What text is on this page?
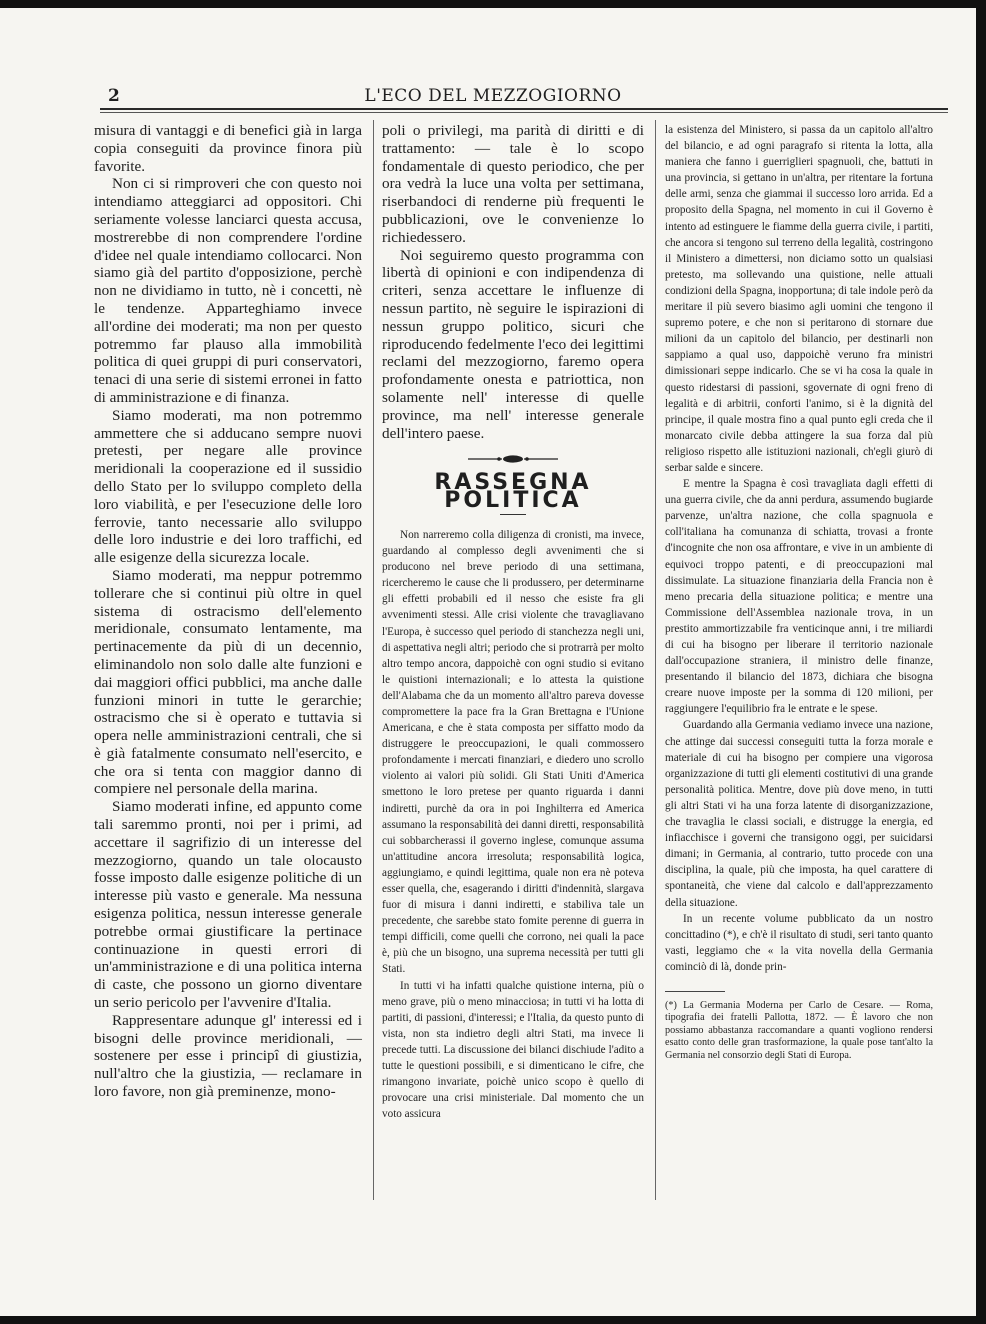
2	L'ECO DEL MEZZOGIORNO

misura di vantaggi e di benefici già in larga copia conseguiti da province finora più favorite.

Non ci si rimproveri che con questo noi intendiamo atteggiarci ad oppositori. Chi seriamente volesse lanciarci questa accusa, mostrerebbe di non comprendere l'ordine d'idee nel quale intendiamo collocarci. Non siamo già del partito d'opposizione, perchè non ne dividiamo in tutto, nè i concetti, nè le tendenze. Apparteghiamo invece all'ordine dei moderati; ma non per questo potremmo far plauso alla immobilità politica di quei gruppi di puri conservatori, tenaci di una serie di sistemi erronei in fatto di amministrazione e di finanza.

Siamo moderati, ma non potremmo ammettere che si adducano sempre nuovi pretesti, per negare alle province meridionali la cooperazione ed il sussidio dello Stato per lo sviluppo completo della loro viabilità, e per l'esecuzione delle loro ferrovie, tanto necessarie allo sviluppo delle loro industrie e dei loro traffichi, ed alle esigenze della sicurezza locale.

Siamo moderati, ma neppur potremmo tollerare che si continui più oltre in quel sistema di ostracismo dell'elemento meridionale, consumato lentamente, ma pertinacemente da più di un decennio, eliminandolo non solo dalle alte funzioni e dai maggiori offici pubblici, ma anche dalle funzioni minori in tutte le gerarchie; ostracismo che si è operato e tuttavia si opera nelle amministrazioni centrali, che si è già fatalmente consumato nell'esercito, e che ora si tenta con maggior danno di compiere nel personale della marina.

Siamo moderati infine, ed appunto come tali saremmo pronti, noi per i primi, ad accettare il sagrifizio di un interesse del mezzogiorno, quando un tale olocausto fosse imposto dalle esigenze politiche di un interesse più vasto e generale. Ma nessuna esigenza politica, nessun interesse generale potrebbe ormai giustificare la pertinace continuazione in questi errori di un'amministrazione e di una politica interna di caste, che possono un giorno diventare un serio pericolo per l'avvenire d'Italia.

Rappresentare adunque gl' interessi ed i bisogni delle province meridionali, — sostenere per esse i principî di giustizia, null'altro che la giustizia, — reclamare in loro favore, non già preminenze, mono-

poli o privilegi, ma parità di diritti e di trattamento: — tale è lo scopo fondamentale di questo periodico, che per ora vedrà la luce una volta per settimana, riserbandoci di renderne più frequenti le pubblicazioni, ove le convenienze lo richiedessero.

Noi seguiremo questo programma con libertà di opinioni e con indipendenza di criteri, senza accettare le influenze di nessun partito, nè seguire le ispirazioni di nessun gruppo politico, sicuri che riproducendo fedelmente l'eco dei legittimi reclami del mezzogiorno, faremo opera profondamente onesta e patriottica, non solamente nell' interesse di quelle province, ma nell' interesse generale dell'intero paese.

RASSEGNA POLITICA

Non narreremo colla diligenza di cronisti, ma invece, guardando al complesso degli avvenimenti che si producono nel breve periodo di una settimana, ricercheremo le cause che li produssero, per determinarne gli effetti probabili ed il nesso che esiste fra gli avvenimenti stessi. Alle crisi violente che travagliavano l'Europa, è successo quel periodo di stanchezza negli uni, di aspettativa negli altri; periodo che si protrarrà per molto altro tempo ancora, dappoichè con ogni studio si evitano le quistioni internazionali; e lo attesta la quistione dell'Alabama che da un momento all'altro pareva dovesse compromettere la pace fra la Gran Brettagna e l'Unione Americana, e che è stata composta per siffatto modo da distruggere le preoccupazioni, le quali commossero profondamente i mercati finanziari, e diedero uno scrollo violento ai valori più solidi. Gli Stati Uniti d'America smettono le loro pretese per quanto riguarda i danni indiretti, purchè da ora in poi Inghilterra ed America assumano la responsabilità dei danni diretti, responsabilità cui sobbarcherassi il governo inglese, comunque assuma un'attitudine ancora irresoluta; responsabilità logica, aggiungiamo, e quindi legittima, quale non era nè poteva esser quella, che, esagerando i diritti d'indennità, slargava fuor di misura i danni indiretti, e stabiliva tale un precedente, che sarebbe stato fomite perenne di guerra in tempi difficili, come quelli che corrono, nei quali la pace è, più che un bisogno, una suprema necessità per tutti gli Stati.

In tutti vi ha infatti qualche quistione interna, più o meno grave, più o meno minacciosa; in tutti vi ha lotta di partiti, di passioni, d'interessi; e l'Italia, da questo punto di vista, non sta indietro degli altri Stati, ma invece li precede tutti. La discussione dei bilanci dischiude l'adito a tutte le questioni possibili, e si dimenticano le cifre, che rimangono invariate, poichè unico scopo è quello di provocare una crisi ministeriale. Dal momento che un voto assicura

la esistenza del Ministero, si passa da un capitolo all'altro del bilancio, e ad ogni paragrafo si ritenta la lotta, alla maniera che fanno i guerriglieri spagnuoli, che, battuti in una provincia, si gettano in un'altra, per ritentare la fortuna delle armi, senza che giammai il successo loro arrida. Ed a proposito della Spagna, nel momento in cui il Governo è intento ad estinguere le fiamme della guerra civile, i partiti, che ancora si tengono sul terreno della legalità, costringono il Ministero a dimettersi, non diciamo sotto un qualsiasi pretesto, ma sollevando una quistione, nelle attuali condizioni della Spagna, inopportuna; di tale indole però da meritare il più severo biasimo agli uomini che tengono il supremo potere, e che non si peritarono di stornare due milioni da un capitolo del bilancio, per destinarli non sappiamo a qual uso, dappoichè veruno fra ministri dimissionari seppe indicarlo. Che se vi ha cosa la quale in questo ridestarsi di passioni, sgovernate di ogni freno di legalità e di arbitrii, conforti l'animo, si è la dignità del principe, il quale mostra fino a qual punto egli creda che il monarcato civile debba attingere la sua forza dal più religioso rispetto alle istituzioni nazionali, ch'egli giurò di serbar salde e sincere.

E mentre la Spagna è così travagliata dagli effetti di una guerra civile, che da anni perdura, assumendo bugiarde parvenze, un'altra nazione, che colla spagnuola e coll'italiana ha comunanza di schiatta, trovasi a fronte d'incognite che non osa affrontare, e vive in un ambiente di equivoci troppo patenti, e di preoccupazioni mal dissimulate. La situazione finanziaria della Francia non è meno precaria della situazione politica; e mentre una Commissione dell'Assemblea nazionale trova, in un prestito ammortizzabile fra venticinque anni, i tre miliardi di cui ha bisogno per liberare il territorio nazionale dall'occupazione straniera, il ministro delle finanze, presentando il bilancio del 1873, dichiara che bisogna creare nuove imposte per la somma di 120 milioni, per raggiungere l'equilibrio fra le entrate e le spese.

Guardando alla Germania vediamo invece una nazione, che attinge dai successi conseguiti tutta la forza morale e materiale di cui ha bisogno per compiere una vigorosa organizzazione di tutti gli elementi costitutivi di una grande personalità politica. Mentre, dove più dove meno, in tutti gli altri Stati vi ha una forza latente di disorganizzazione, che travaglia le classi sociali, e distrugge la energia, ed infiacchisce i governi che transigono oggi, per suicidarsi dimani; in Germania, al contrario, tutto procede con una disciplina, la quale, più che imposta, ha quel carattere di spontaneità, che viene dal calcolo e dall'apprezzamento della situazione.

In un recente volume pubblicato da un nostro concittadino (*), e ch'è il risultato di studi, seri tanto quanto vasti, leggiamo che « la vita novella della Germania cominciò di là, donde prin-

(*) La Germania Moderna per Carlo de Cesare. — Roma, tipografia dei fratelli Pallotta, 1872. — È lavoro che non possiamo abbastanza raccomandare a quanti vogliono rendersi esatto conto delle gran trasformazione, la quale pose tant'alto la Germania nel consorzio degli Stati di Europa.
